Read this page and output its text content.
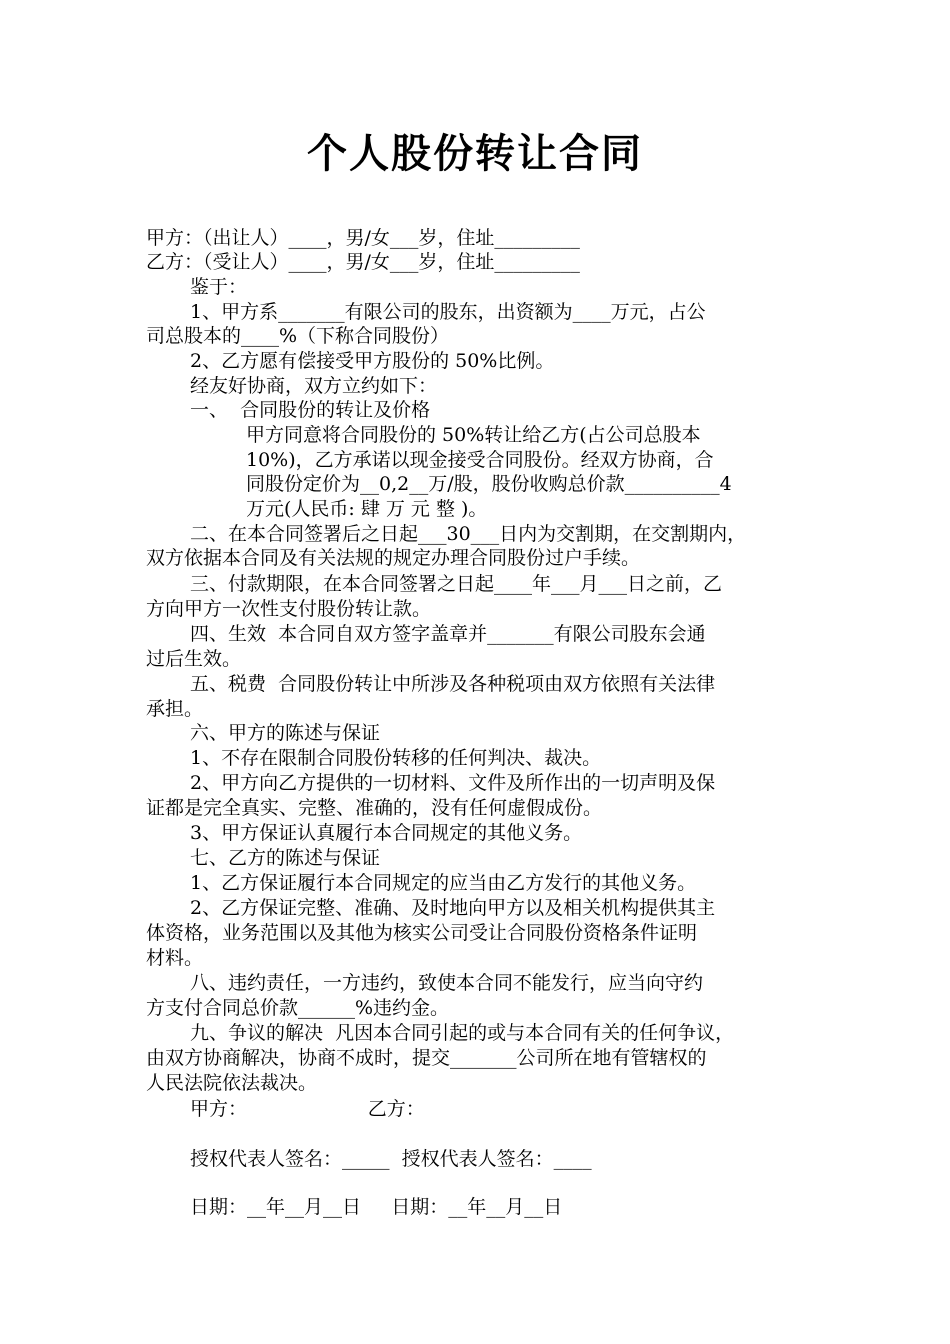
个人股份转让合同
甲方：（出让人）____，男/女___岁，住址_________
乙方：（受让人）____，男/女___岁，住址_________
鉴于：
1、甲方系_______有限公司的股东，出资额为____万元，占公
司总股本的____%（下称合同股份）
2、乙方愿有偿接受甲方股份的 50%比例。
经友好协商，双方立约如下：
一、  合同股份的转让及价格
甲方同意将合同股份的 50%转让给乙方(占公司总股本
10%)，乙方承诺以现金接受合同股份。经双方协商，合
同股份定价为__0,2__万/股，股份收购总价款__________4
万元(人民币: 肆 万 元 整 )。
二、在本合同签署后之日起___30___日内为交割期，在交割期内，
双方依据本合同及有关法规的规定办理合同股份过户手续。
三、付款期限，在本合同签署之日起____年___月___日之前，乙
方向甲方一次性支付股份转让款。
四、生效  本合同自双方签字盖章并_______有限公司股东会通
过后生效。
五、税费  合同股份转让中所涉及各种税项由双方依照有关法律
承担。
六、甲方的陈述与保证
1、不存在限制合同股份转移的任何判决、裁决。
2、甲方向乙方提供的一切材料、文件及所作出的一切声明及保
证都是完全真实、完整、准确的，没有任何虚假成份。
3、甲方保证认真履行本合同规定的其他义务。
七、乙方的陈述与保证
1、乙方保证履行本合同规定的应当由乙方发行的其他义务。
2、乙方保证完整、准确、及时地向甲方以及相关机构提供其主
体资格，业务范围以及其他为核实公司受让合同股份资格条件证明
材料。
八、违约责任，一方违约，致使本合同不能发行，应当向守约
方支付合同总价款______%违约金。
九、争议的解决  凡因本合同引起的或与本合同有关的任何争议，
由双方协商解决，协商不成时，提交_______公司所在地有管辖权的
人民法院依法裁决。
甲方：                    乙方：
授权代表人签名：_____  授权代表人签名：____
日期：__年__月__日     日期：__年__月__日
